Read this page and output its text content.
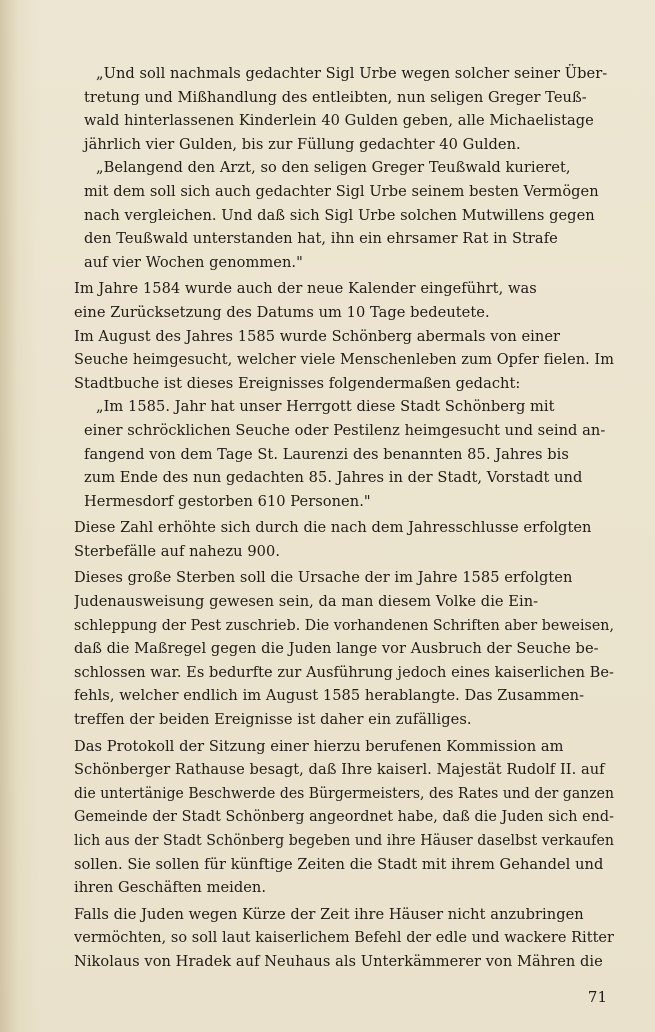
„Und soll nachmals gedachter Sigl Urbe wegen solcher seiner Über-
tretung und Mißhandlung des entleibten, nun seligen Greger Teuß-
wald hinterlassenen Kinderlein 40 Gulden geben, alle Michaelistage
jährlich vier Gulden, bis zur Füllung gedachter 40 Gulden.
„Belangend den Arzt, so den seligen Greger Teußwald kurieret,
mit dem soll sich auch gedachter Sigl Urbe seinem besten Vermögen
nach vergleichen. Und daß sich Sigl Urbe solchen Mutwillens gegen
den Teußwald unterstanden hat, ihn ein ehrsamer Rat in Strafe
auf vier Wochen genommen."
Im Jahre 1584 wurde auch der neue Kalender eingeführt, was
eine Zurücksetzung des Datums um 10 Tage bedeutete.
Im August des Jahres 1585 wurde Schönberg abermals von einer
Seuche heimgesucht, welcher viele Menschenleben zum Opfer fielen. Im
Stadtbuche ist dieses Ereignisses folgendermaßen gedacht:
„Im 1585. Jahr hat unser Herrgott diese Stadt Schönberg mit
einer schröcklichen Seuche oder Pestilenz heimgesucht und seind an-
fangend von dem Tage St. Laurenzi des benannten 85. Jahres bis
zum Ende des nun gedachten 85. Jahres in der Stadt, Vorstadt und
Hermesdorf gestorben 610 Personen."
Diese Zahl erhöhte sich durch die nach dem Jahresschlusse erfolgten
Sterbefälle auf nahezu 900.
Dieses große Sterben soll die Ursache der im Jahre 1585 erfolgten
Judenausweisung gewesen sein, da man diesem Volke die Ein-
schleppung der Pest zuschrieb. Die vorhandenen Schriften aber beweisen,
daß die Maßregel gegen die Juden lange vor Ausbruch der Seuche be-
schlossen war. Es bedurfte zur Ausführung jedoch eines kaiserlichen Be-
fehls, welcher endlich im August 1585 herablangte. Das Zusammen-
treffen der beiden Ereignisse ist daher ein zufälliges.
Das Protokoll der Sitzung einer hierzu berufenen Kommission am
Schönberger Rathause besagt, daß Ihre kaiserl. Majestät Rudolf II. auf
die untertänige Beschwerde des Bürgermeisters, des Rates und der ganzen
Gemeinde der Stadt Schönberg angeordnet habe, daß die Juden sich end-
lich aus der Stadt Schönberg begeben und ihre Häuser daselbst verkaufen
sollen. Sie sollen für künftige Zeiten die Stadt mit ihrem Gehandel und
ihren Geschäften meiden.
Falls die Juden wegen Kürze der Zeit ihre Häuser nicht anzubringen
vermöchten, so soll laut kaiserlichem Befehl der edle und wackere Ritter
Nikolaus von Hradek auf Neuhaus als Unterkämmerer von Mähren die
71
